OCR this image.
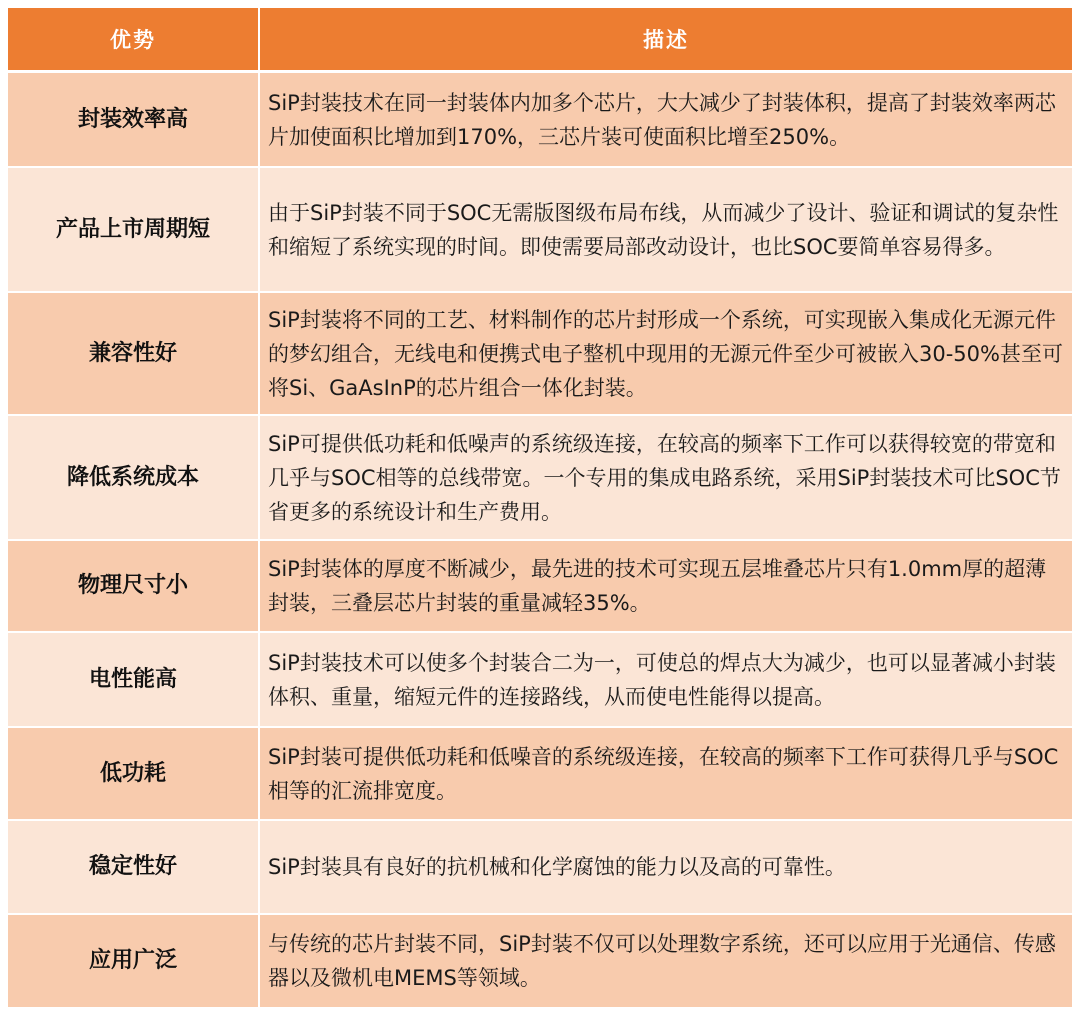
优势	描述
封装效率高	SiP封装技术在同一封装体内加多个芯片，大大减少了封装体积，提高了封装效率两芯片加使面积比增加到170%，三芯片装可使面积比增至250%。
产品上市周期短	由于SiP封装不同于SOC无需版图级布局布线，从而减少了设计、验证和调试的复杂性和缩短了系统实现的时间。即使需要局部改动设计，也比SOC要简单容易得多。
兼容性好	SiP封装将不同的工艺、材料制作的芯片封形成一个系统，可实现嵌入集成化无源元件的梦幻组合，无线电和便携式电子整机中现用的无源元件至少可被嵌入30-50%甚至可将Si、GaAsInP的芯片组合一体化封装。
降低系统成本	SiP可提供低功耗和低噪声的系统级连接，在较高的频率下工作可以获得较宽的带宽和几乎与SOC相等的总线带宽。一个专用的集成电路系统，采用SiP封装技术可比SOC节省更多的系统设计和生产费用。
物理尺寸小	SiP封装体的厚度不断减少，最先进的技术可实现五层堆叠芯片只有1.0mm厚的超薄封装，三叠层芯片封装的重量减轻35%。
电性能高	SiP封装技术可以使多个封装合二为一，可使总的焊点大为减少，也可以显著减小封装体积、重量，缩短元件的连接路线，从而使电性能得以提高。
低功耗	SiP封装可提供低功耗和低噪音的系统级连接，在较高的频率下工作可获得几乎与SOC相等的汇流排宽度。
稳定性好	SiP封装具有良好的抗机械和化学腐蚀的能力以及高的可靠性。
应用广泛	与传统的芯片封装不同，SiP封装不仅可以处理数字系统，还可以应用于光通信、传感器以及微机电MEMS等领域。
